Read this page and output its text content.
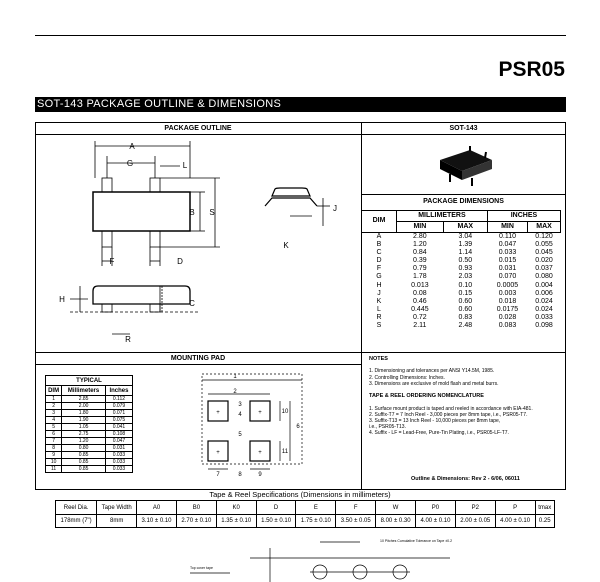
PSR05
SOT-143 PACKAGE OUTLINE & DIMENSIONS
PACKAGE OUTLINE	SOT-143
A
G	L
B S	J
K
F	D
H	C
R
PACKAGE DIMENSIONS
DIM	MILLIMETERS		INCHES	
	MIN	MAX	MIN	MAX
A	2.80	3.04	0.110	0.120
B	1.20	1.39	0.047	0.055
C	0.84	1.14	0.033	0.045
D	0.39	0.50	0.015	0.020
F	0.79	0.93	0.031	0.037
G	1.78	2.03	0.070	0.080
H	0.013	0.10	0.0005	0.004
J	0.08	0.15	0.003	0.006
K	0.46	0.60	0.018	0.024
L	0.445	0.60	0.0175	0.024
R	0.72	0.83	0.028	0.033
S	2.11	2.48	0.083	0.098
MOUNTING PAD
TYPICAL		
DIM	Millimeters	Inches
1	2.85	0.112
2	2.00	0.079
3	1.80	0.071
4	1.90	0.075
5	1.05	0.041
6	2.75	0.108
7	1.20	0.047
8	0.80	0.031
9	0.85	0.033
10	0.85	0.033
11	0.85	0.033
+	+
+	+
1
2
3
4
5
6
7	8	9
10
11
NOTES

1. Dimensioning and tolerances per ANSI Y14.5M, 1985.
2. Controlling Dimensions: Inches.
3. Dimensions are exclusive of mold flash and metal burrs.

TAPE & REEL ORDERING NOMENCLATURE

1. Surface mount product is taped and reeled in accordance with EIA-481.
2. Suffix-T7 = 7 Inch Reel - 3,000 pieces per 8mm tape, i.e., PSR05-T7.
3. Suffix-T13 = 13 Inch Reel - 10,000 pieces per 8mm tape,
i.e., PSR05-T13.
4. Suffix - LF = Lead-Free, Pure-Tin Plating, i.e., PSR05-LF-T7.
Outline & Dimensions: Rev 2 - 6/06, 06011
Tape & Reel Specifications (Dimensions in millimeters)
Reel Dia.	Tape Width	A0	B0	K0	D	E	F	W	P0	P2	P	tmax
178mm (7")	8mm	3.10 ± 0.10	2.70 ± 0.10	1.35 ± 0.10	1.50 ± 0.10	1.75 ± 0.10	3.50 ± 0.05	8.00 ± 0.30	4.00 ± 0.10	2.00 ± 0.05	4.00 ± 0.10	0.25
Top cover tape
10 Pitches Cumulative Tolerance on Tape ±0.2
